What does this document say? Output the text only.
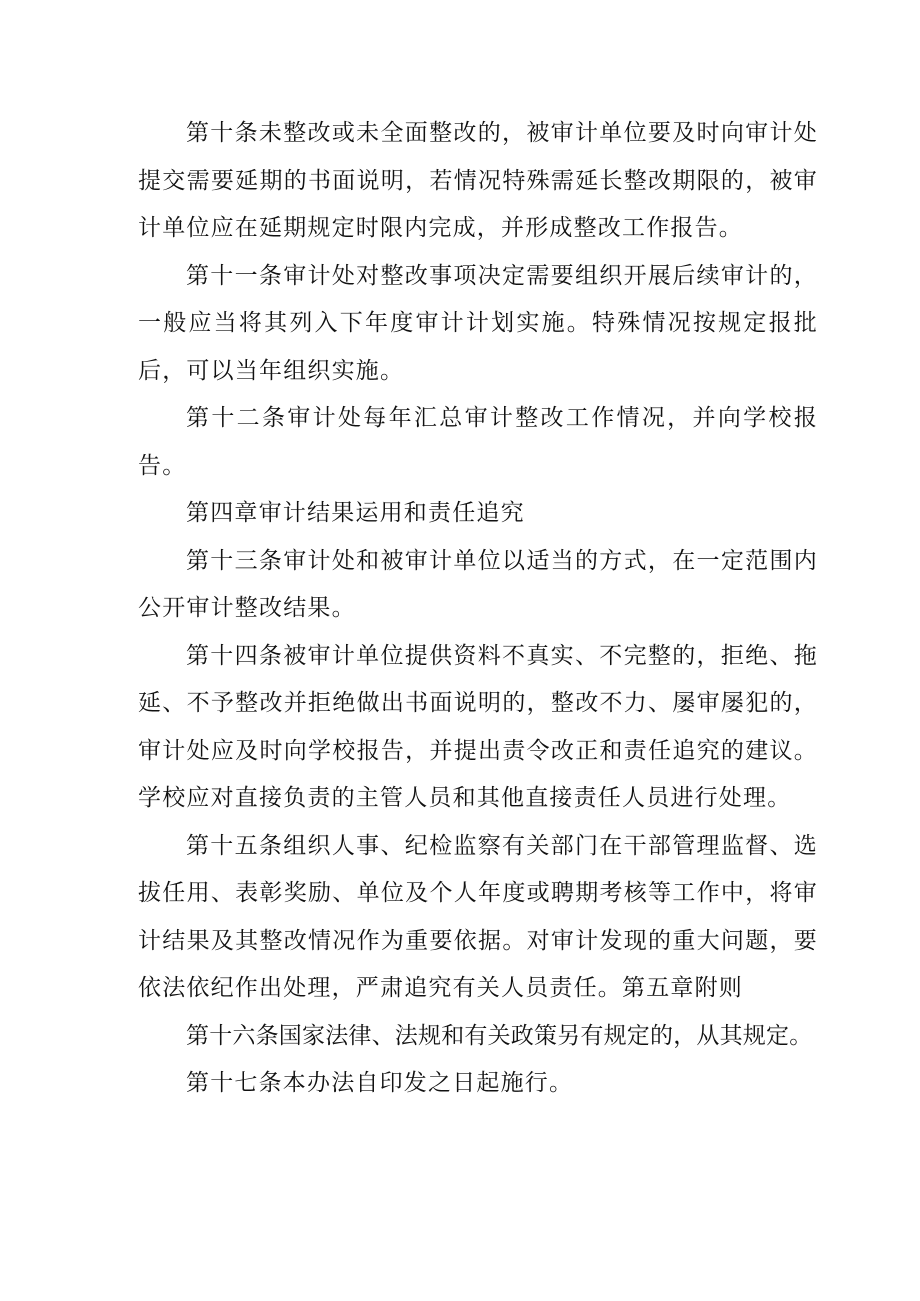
第十条未整改或未全面整改的，被审计单位要及时向审计处提交需要延期的书面说明，若情况特殊需延长整改期限的，被审计单位应在延期规定时限内完成，并形成整改工作报告。

第十一条审计处对整改事项决定需要组织开展后续审计的，一般应当将其列入下年度审计计划实施。特殊情况按规定报批后，可以当年组织实施。

第十二条审计处每年汇总审计整改工作情况，并向学校报告。

第四章审计结果运用和责任追究

第十三条审计处和被审计单位以适当的方式，在一定范围内公开审计整改结果。

第十四条被审计单位提供资料不真实、不完整的，拒绝、拖延、不予整改并拒绝做出书面说明的，整改不力、屡审屡犯的，审计处应及时向学校报告，并提出责令改正和责任追究的建议。学校应对直接负责的主管人员和其他直接责任人员进行处理。

第十五条组织人事、纪检监察有关部门在干部管理监督、选拔任用、表彰奖励、单位及个人年度或聘期考核等工作中，将审计结果及其整改情况作为重要依据。对审计发现的重大问题，要依法依纪作出处理，严肃追究有关人员责任。第五章附则

第十六条国家法律、法规和有关政策另有规定的，从其规定。

第十七条本办法自印发之日起施行。
